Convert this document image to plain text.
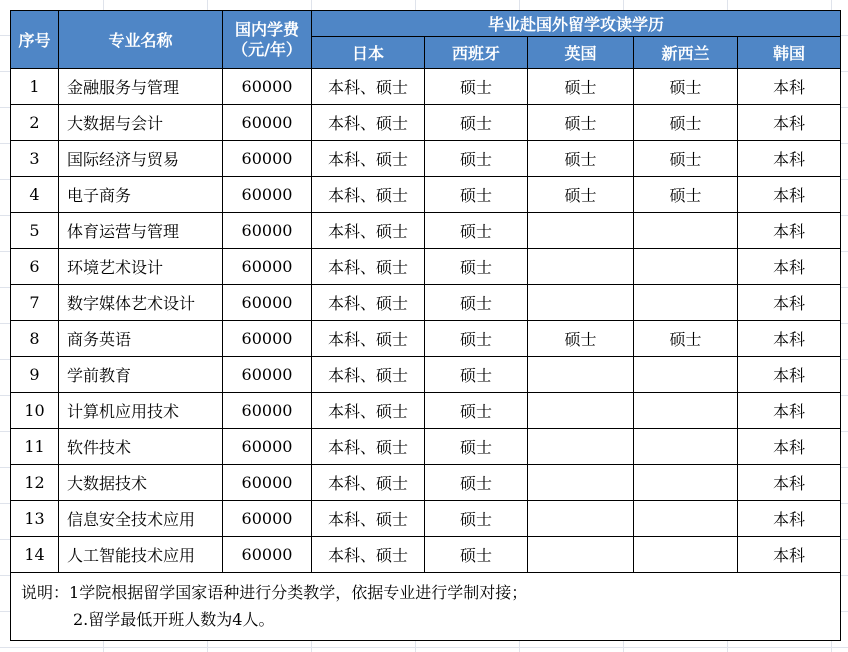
序号	专业名称	国内学费
（元/年）	毕业赴国外留学攻读学历				
			日本	西班牙	英国	新西兰	韩国
1	金融服务与管理	60000	本科、硕士	硕士	硕士	硕士	本科
2	大数据与会计	60000	本科、硕士	硕士	硕士	硕士	本科
3	国际经济与贸易	60000	本科、硕士	硕士	硕士	硕士	本科
4	电子商务	60000	本科、硕士	硕士	硕士	硕士	本科
5	体育运营与管理	60000	本科、硕士	硕士			本科
6	环境艺术设计	60000	本科、硕士	硕士			本科
7	数字媒体艺术设计	60000	本科、硕士	硕士			本科
8	商务英语	60000	本科、硕士	硕士	硕士	硕士	本科
9	学前教育	60000	本科、硕士	硕士			本科
10	计算机应用技术	60000	本科、硕士	硕士			本科
11	软件技术	60000	本科、硕士	硕士			本科
12	大数据技术	60000	本科、硕士	硕士			本科
13	信息安全技术应用	60000	本科、硕士	硕士			本科
14	人工智能技术应用	60000	本科、硕士	硕士			本科

说明：1学院根据留学国家语种进行分类教学，依据专业进行学制对接；
2.留学最低开班人数为4人。							
